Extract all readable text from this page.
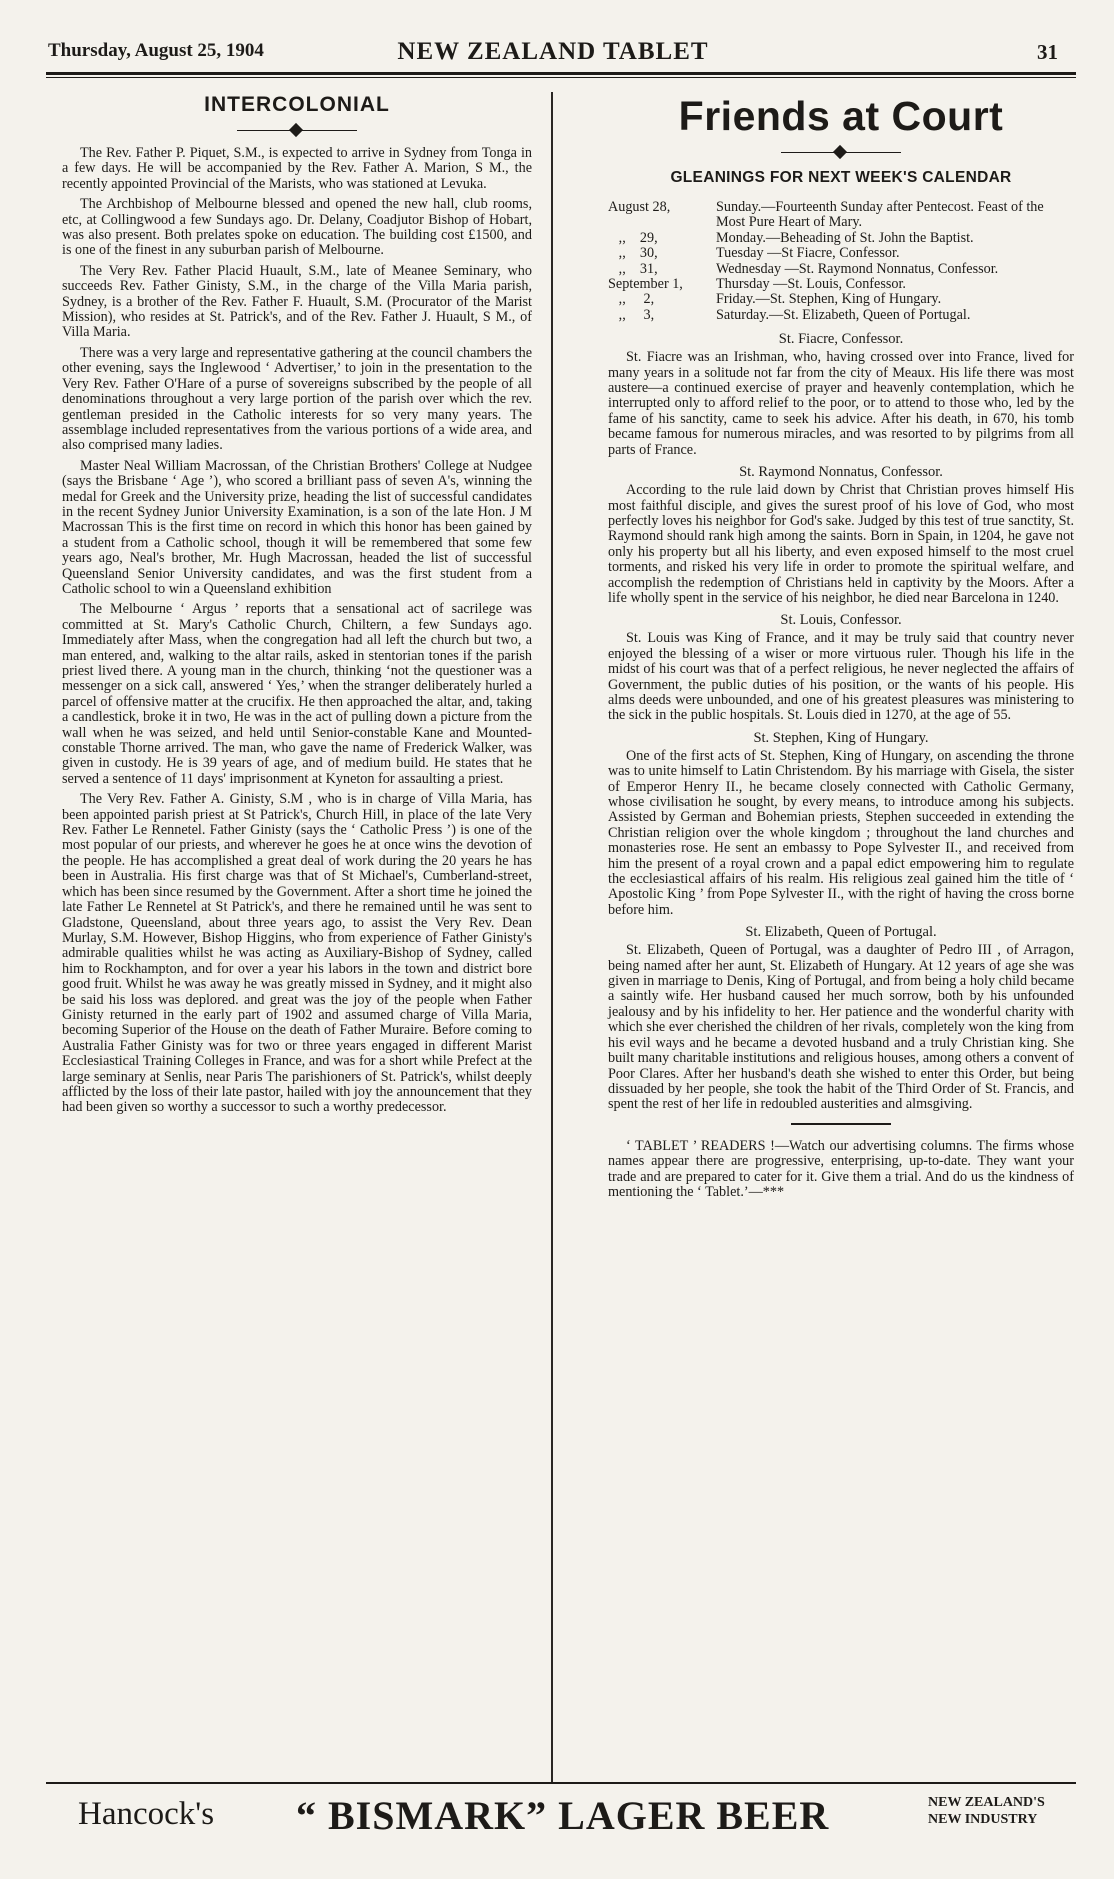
Thursday, August 25, 1904	NEW ZEALAND TABLET	31
INTERCOLONIAL

The Rev. Father P. Piquet, S.M., is expected to arrive in Sydney from Tonga in a few days. He will be accompanied by the Rev. Father A. Marion, S M., the recently appointed Provincial of the Marists, who was stationed at Levuka.

The Archbishop of Melbourne blessed and opened the new hall, club rooms, etc, at Collingwood a few Sundays ago. Dr. Delany, Coadjutor Bishop of Hobart, was also present. Both prelates spoke on education. The building cost £1500, and is one of the finest in any suburban parish of Melbourne.

The Very Rev. Father Placid Huault, S.M., late of Meanee Seminary, who succeeds Rev. Father Ginisty, S.M., in the charge of the Villa Maria parish, Sydney, is a brother of the Rev. Father F. Huault, S.M. (Procurator of the Marist Mission), who resides at St. Patrick's, and of the Rev. Father J. Huault, S M., of Villa Maria.

There was a very large and representative gathering at the council chambers the other evening, says the Inglewood ‘ Advertiser,’ to join in the presentation to the Very Rev. Father O'Hare of a purse of sovereigns subscribed by the people of all denominations throughout a very large portion of the parish over which the rev. gentleman presided in the Catholic interests for so very many years. The assemblage included representatives from the various portions of a wide area, and also comprised many ladies.

Master Neal William Macrossan, of the Christian Brothers' College at Nudgee (says the Brisbane ‘ Age ’), who scored a brilliant pass of seven A's, winning the medal for Greek and the University prize, heading the list of successful candidates in the recent Sydney Junior University Examination, is a son of the late Hon. J M Macrossan This is the first time on record in which this honor has been gained by a student from a Catholic school, though it will be remembered that some few years ago, Neal's brother, Mr. Hugh Macrossan, headed the list of successful Queensland Senior University candidates, and was the first student from a Catholic school to win a Queensland exhibition

The Melbourne ‘ Argus ’ reports that a sensational act of sacrilege was committed at St. Mary's Catholic Church, Chiltern, a few Sundays ago. Immediately after Mass, when the congregation had all left the church but two, a man entered, and, walking to the altar rails, asked in stentorian tones if the parish priest lived there. A young man in the church, thinking ‘not the questioner was a messenger on a sick call, answered ‘ Yes,’ when the stranger deliberately hurled a parcel of offensive matter at the crucifix. He then approached the altar, and, taking a candlestick, broke it in two, He was in the act of pulling down a picture from the wall when he was seized, and held until Senior-constable Kane and Mounted-constable Thorne arrived. The man, who gave the name of Frederick Walker, was given in custody. He is 39 years of age, and of medium build. He states that he served a sentence of 11 days' imprisonment at Kyneton for assaulting a priest.

The Very Rev. Father A. Ginisty, S.M , who is in charge of Villa Maria, has been appointed parish priest at St Patrick's, Church Hill, in place of the late Very Rev. Father Le Rennetel. Father Ginisty (says the ‘ Catholic Press ’) is one of the most popular of our priests, and wherever he goes he at once wins the devotion of the people. He has accomplished a great deal of work during the 20 years he has been in Australia. His first charge was that of St Michael's, Cumberland-street, which has been since resumed by the Government. After a short time he joined the late Father Le Rennetel at St Patrick's, and there he remained until he was sent to Gladstone, Queensland, about three years ago, to assist the Very Rev. Dean Murlay, S.M. However, Bishop Higgins, who from experience of Father Ginisty's admirable qualities whilst he was acting as Auxiliary-Bishop of Sydney, called him to Rockhampton, and for over a year his labors in the town and district bore good fruit. Whilst he was away he was greatly missed in Sydney, and it might also be said his loss was deplored. and great was the joy of the people when Father Ginisty returned in the early part of 1902 and assumed charge of Villa Maria, becoming Superior of the House on the death of Father Muraire. Before coming to Australia Father Ginisty was for two or three years engaged in different Marist Ecclesiastical Training Colleges in France, and was for a short while Prefect at the large seminary at Senlis, near Paris The parishioners of St. Patrick's, whilst deeply afflicted by the loss of their late pastor, hailed with joy the announcement that they had been given so worthy a successor to such a worthy predecessor.

Friends at Court
GLEANINGS FOR NEXT WEEK'S CALENDAR
August 28,	Sunday.—Fourteenth Sunday after Pentecost. Feast of the Most Pure Heart of Mary.
,,    29,	Monday.—Beheading of St. John the Baptist.
,,    30,	Tuesday —St Fiacre, Confessor.
,,    31,	Wednesday —St. Raymond Nonnatus, Confessor.
September 1,	Thursday —St. Louis, Confessor.
,,     2,	Friday.—St. Stephen, King of Hungary.
,,     3,	Saturday.—St. Elizabeth, Queen of Portugal.
St. Fiacre, Confessor.

St. Fiacre was an Irishman, who, having crossed over into France, lived for many years in a solitude not far from the city of Meaux. His life there was most austere—a continued exercise of prayer and heavenly contemplation, which he interrupted only to afford relief to the poor, or to attend to those who, led by the fame of his sanctity, came to seek his advice. After his death, in 670, his tomb became famous for numerous miracles, and was resorted to by pilgrims from all parts of France.

St. Raymond Nonnatus, Confessor.

According to the rule laid down by Christ that Christian proves himself His most faithful disciple, and gives the surest proof of his love of God, who most perfectly loves his neighbor for God's sake. Judged by this test of true sanctity, St. Raymond should rank high among the saints. Born in Spain, in 1204, he gave not only his property but all his liberty, and even exposed himself to the most cruel torments, and risked his very life in order to promote the spiritual welfare, and accomplish the redemption of Christians held in captivity by the Moors. After a life wholly spent in the service of his neighbor, he died near Barcelona in 1240.

St. Louis, Confessor.

St. Louis was King of France, and it may be truly said that country never enjoyed the blessing of a wiser or more virtuous ruler. Though his life in the midst of his court was that of a perfect religious, he never neglected the affairs of Government, the public duties of his position, or the wants of his people. His alms deeds were unbounded, and one of his greatest pleasures was ministering to the sick in the public hospitals. St. Louis died in 1270, at the age of 55.

St. Stephen, King of Hungary.

One of the first acts of St. Stephen, King of Hungary, on ascending the throne was to unite himself to Latin Christendom. By his marriage with Gisela, the sister of Emperor Henry II., he became closely connected with Catholic Germany, whose civilisation he sought, by every means, to introduce among his subjects. Assisted by German and Bohemian priests, Stephen succeeded in extending the Christian religion over the whole kingdom ; throughout the land churches and monasteries rose. He sent an embassy to Pope Sylvester II., and received from him the present of a royal crown and a papal edict empowering him to regulate the ecclesiastical affairs of his realm. His religious zeal gained him the title of ‘ Apostolic King ’ from Pope Sylvester II., with the right of having the cross borne before him.

St. Elizabeth, Queen of Portugal.

St. Elizabeth, Queen of Portugal, was a daughter of Pedro III , of Arragon, being named after her aunt, St. Elizabeth of Hungary. At 12 years of age she was given in marriage to Denis, King of Portugal, and from being a holy child became a saintly wife. Her husband caused her much sorrow, both by his unfounded jealousy and by his infidelity to her. Her patience and the wonderful charity with which she ever cherished the children of her rivals, completely won the king from his evil ways and he became a devoted husband and a truly Christian king. She built many charitable institutions and religious houses, among others a convent of Poor Clares. After her husband's death she wished to enter this Order, but being dissuaded by her people, she took the habit of the Third Order of St. Francis, and spent the rest of her life in redoubled austerities and almsgiving.

‘ TABLET ’ READERS !—Watch our advertising columns. The firms whose names appear there are progressive, enterprising, up-to-date. They want your trade and are prepared to cater for it. Give them a trial. And do us the kindness of mentioning the ‘ Tablet.’—***

Hancock's “ BISMARK” LAGER BEER	NEW ZEALAND'S
NEW INDUSTRY
